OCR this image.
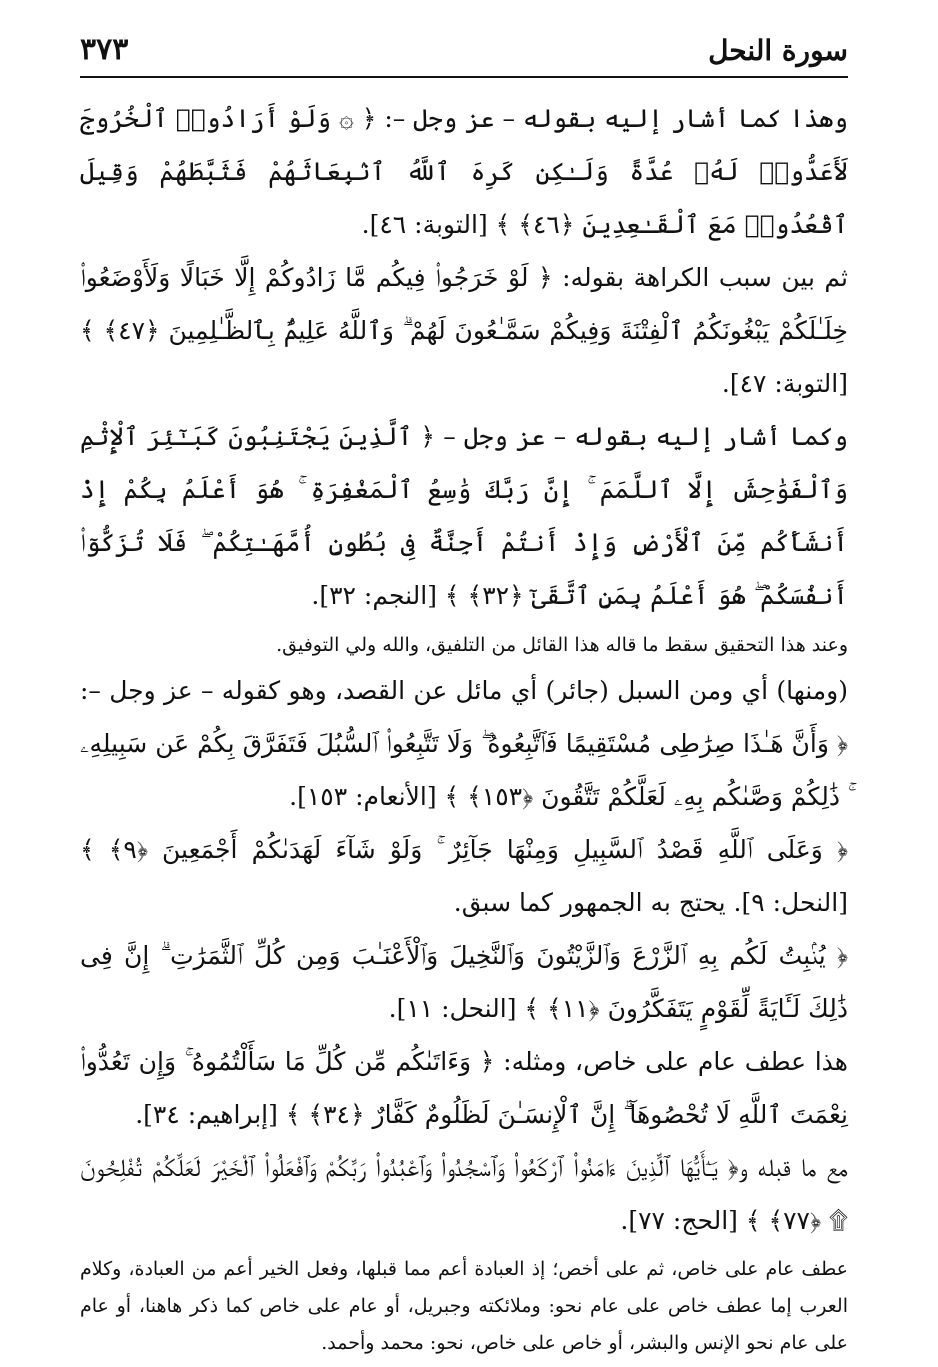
سورة النحل
٣٧٣

وهذا كما أشار إليه بقوله – عز وجل –: ﴿ ۞ وَلَوْ أَرَادُوا۟ ٱلْخُرُوجَ لَأَعَدُّوا۟ لَهُۥ عُدَّةً وَلَـٰكِن كَرِهَ ٱللَّهُ ٱنۢبِعَاثَهُمْ فَثَبَّطَهُمْ وَقِيلَ ٱقْعُدُوا۟ مَعَ ٱلْقَـٰعِدِينَ ﴿٤٦﴾ ﴾ [التوبة: ٤٦].

ثم بين سبب الكراهة بقوله: ﴿ لَوْ خَرَجُوا۟ فِيكُم مَّا زَادُوكُمْ إِلَّا خَبَالًا وَلَأَوْضَعُوا۟ خِلَـٰلَكُمْ يَبْغُونَكُمُ ٱلْفِتْنَةَ وَفِيكُمْ سَمَّـٰعُونَ لَهُمْ ۗ وَٱللَّهُ عَلِيمٌۢ بِٱلظَّـٰلِمِينَ ﴿٤٧﴾ ﴾ [التوبة: ٤٧].

وكما أشار إليه بقوله – عز وجل – ﴿ ٱلَّذِينَ يَجْتَنِبُونَ كَبَـٰٓئِرَ ٱلْإِثْمِ وَٱلْفَوَٰحِشَ إِلَّا ٱللَّمَمَ ۚ إِنَّ رَبَّكَ وَٰسِعُ ٱلْمَغْفِرَةِ ۚ هُوَ أَعْلَمُ بِكُمْ إِذْ أَنشَأَكُم مِّنَ ٱلْأَرْضِ وَإِذْ أَنتُمْ أَجِنَّةٌ فِى بُطُونِ أُمَّهَـٰتِكُمْ ۖ فَلَا تُزَكُّوٓا۟ أَنفُسَكُمْ ۖ هُوَ أَعْلَمُ بِمَنِ ٱتَّقَىٰٓ ﴿٣٢﴾ ﴾ [النجم: ٣٢].

وعند هذا التحقيق سقط ما قاله هذا القائل من التلفيق، والله ولي التوفيق.

(ومنها) أي ومن السبل (جائر) أي مائل عن القصد، وهو كقوله – عز وجل –: ﴿ وَأَنَّ هَـٰذَا صِرَٰطِى مُسْتَقِيمًا فَٱتَّبِعُوهُ ۖ وَلَا تَتَّبِعُوا۟ ٱلسُّبُلَ فَتَفَرَّقَ بِكُمْ عَن سَبِيلِهِۦ ۚ ذَٰلِكُمْ وَصَّىٰكُم بِهِۦ لَعَلَّكُمْ تَتَّقُونَ ﴿١٥٣﴾ ﴾ [الأنعام: ١٥٣].

﴿ وَعَلَى ٱللَّهِ قَصْدُ ٱلسَّبِيلِ وَمِنْهَا جَآئِرٌ ۚ وَلَوْ شَآءَ لَهَدَىٰكُمْ أَجْمَعِينَ ﴿٩﴾ ﴾ [النحل: ٩]. يحتج به الجمهور كما سبق.

﴿ يُنۢبِتُ لَكُم بِهِ ٱلزَّرْعَ وَٱلزَّيْتُونَ وَٱلنَّخِيلَ وَٱلْأَعْنَـٰبَ وَمِن كُلِّ ٱلثَّمَرَٰتِ ۗ إِنَّ فِى ذَٰلِكَ لَـَٔايَةً لِّقَوْمٍ يَتَفَكَّرُونَ ﴿١١﴾ ﴾ [النحل: ١١].

هذا عطف عام على خاص، ومثله: ﴿ وَءَاتَىٰكُم مِّن كُلِّ مَا سَأَلْتُمُوهُ ۚ وَإِن تَعُدُّوا۟ نِعْمَتَ ٱللَّهِ لَا تُحْصُوهَآ ۗ إِنَّ ٱلْإِنسَـٰنَ لَظَلُومٌ كَفَّارٌ ﴿٣٤﴾ ﴾ [إبراهيم: ٣٤].

مع ما قبله و﴿ يَـٰٓأَيُّهَا ٱلَّذِينَ ءَامَنُوا۟ ٱرْكَعُوا۟ وَٱسْجُدُوا۟ وَٱعْبُدُوا۟ رَبَّكُمْ وَٱفْعَلُوا۟ ٱلْخَيْرَ لَعَلَّكُمْ تُفْلِحُونَ ۩ ﴿٧٧﴾ ﴾ [الحج: ٧٧].

عطف عام على خاص، ثم على أخص؛ إذ العبادة أعم مما قبلها، وفعل الخير أعم من العبادة، وكلام العرب إما عطف خاص على عام نحو: وملائكته وجبريل، أو عام على خاص كما ذكر هاهنا، أو عام على عام نحو الإنس والبشر، أو خاص على خاص، نحو: محمد وأحمد.
